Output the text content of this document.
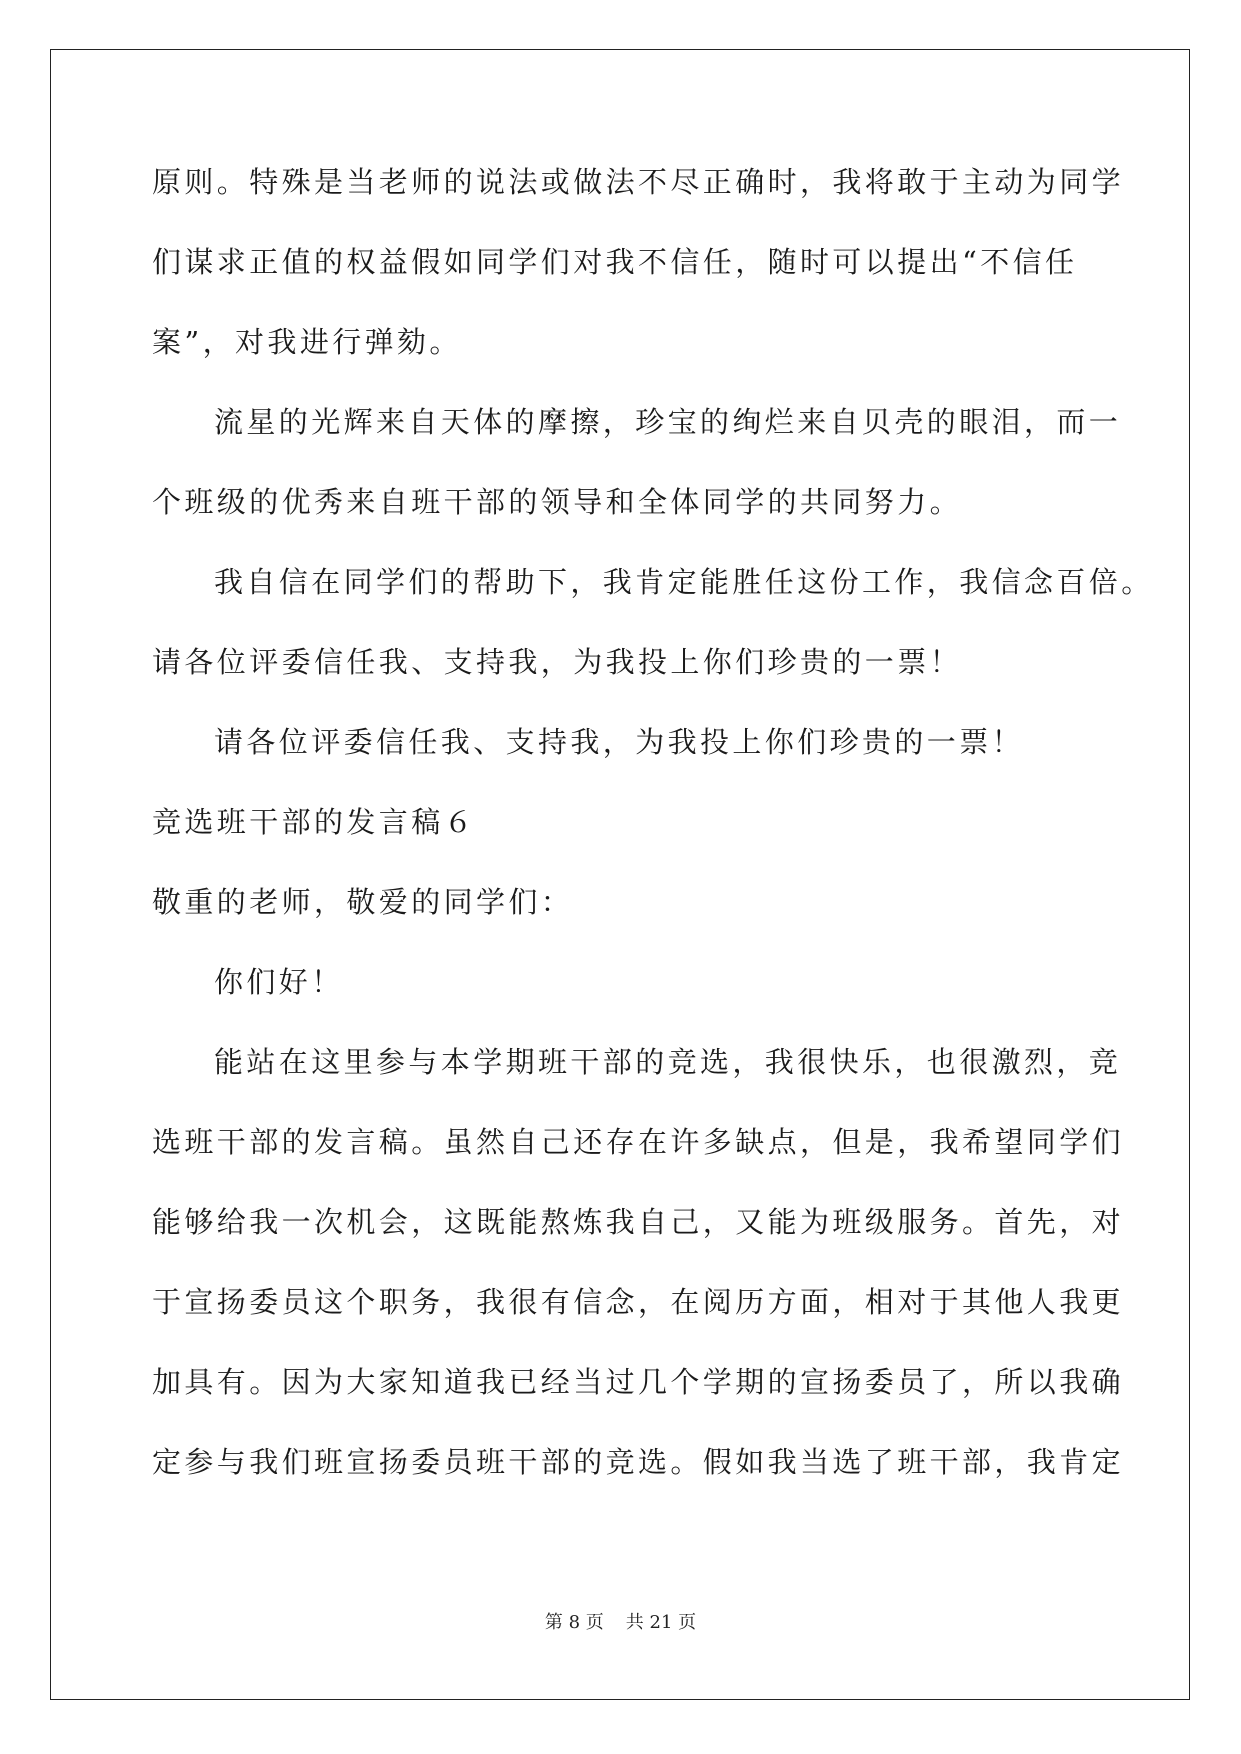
原则。特殊是当老师的说法或做法不尽正确时，我将敢于主动为同学
们谋求正值的权益假如同学们对我不信任，随时可以提出“不信任
案”，对我进行弹劾。
流星的光辉来自天体的摩擦，珍宝的绚烂来自贝壳的眼泪，而一
个班级的优秀来自班干部的领导和全体同学的共同努力。
我自信在同学们的帮助下，我肯定能胜任这份工作，我信念百倍。
请各位评委信任我、支持我，为我投上你们珍贵的一票！
请各位评委信任我、支持我，为我投上你们珍贵的一票！
竞选班干部的发言稿６
敬重的老师，敬爱的同学们：
你们好！
能站在这里参与本学期班干部的竞选，我很快乐，也很激烈，竞
选班干部的发言稿。虽然自己还存在许多缺点，但是，我希望同学们
能够给我一次机会，这既能熬炼我自己，又能为班级服务。首先，对
于宣扬委员这个职务，我很有信念，在阅历方面，相对于其他人我更
加具有。因为大家知道我已经当过几个学期的宣扬委员了，所以我确
定参与我们班宣扬委员班干部的竞选。假如我当选了班干部，我肯定
第 8 页 共 21 页
